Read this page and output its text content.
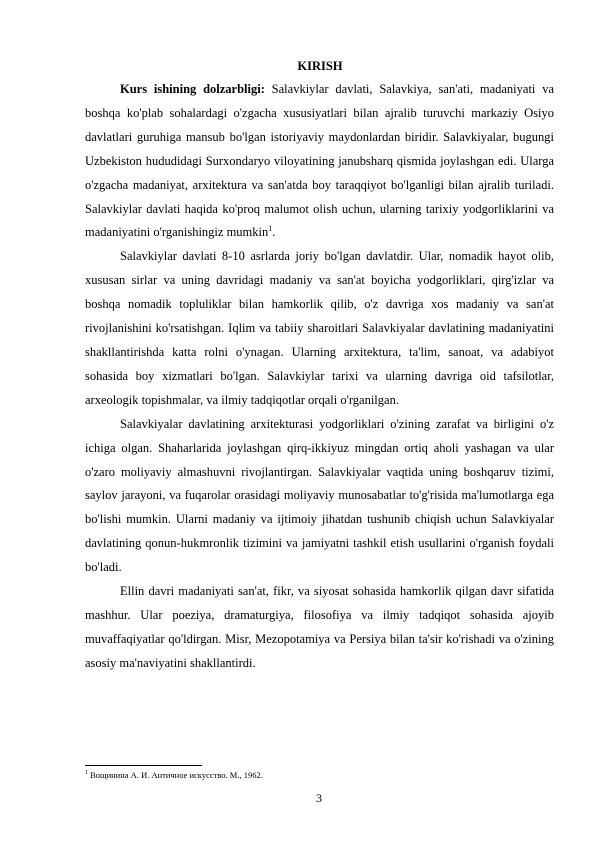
KIRISH

Kurs ishining dolzarbligi: Salavkiylar davlati, Salavkiya, san'ati, madaniyati va boshqa ko'plab sohalardagi o'zgacha xususiyatlari bilan ajralib turuvchi markaziy Osiyo davlatlari guruhiga mansub bo'lgan istoriyaviy maydonlardan biridir. Salavkiyalar, bugungi Uzbekiston hududidagi Surxondaryo viloyatining janubsharq qismida joylashgan edi. Ularga o'zgacha madaniyat, arxitektura va san'atda boy taraqqiyot bo'lganligi bilan ajralib turiladi. Salavkiylar davlati haqida ko'proq malumot olish uchun, ularning tarixiy yodgorliklarini va madaniyatini o'rganishingiz mumkin$^1$.

Salavkiylar davlati 8-10 asrlarda joriy bo'lgan davlatdir. Ular, nomadik hayot olib, xususan sirlar va uning davridagi madaniy va san'at boyicha yodgorliklari, qirg'izlar va boshqa nomadik topluliklar bilan hamkorlik qilib, o'z davriga xos madaniy va san'at rivojlanishini ko'rsatishgan. Iqlim va tabiiy sharoitlari Salavkiyalar davlatining madaniyatini shakllantirishda katta rolni o'ynagan. Ularning arxitektura, ta'lim, sanoat, va adabiyot sohasida boy xizmatlari bo'lgan. Salavkiylar tarixi va ularning davriga oid tafsilotlar, arxeologik topishmalar, va ilmiy tadqiqotlar orqali o'rganilgan.

Salavkiyalar davlatining arxitekturasi yodgorliklari o'zining zarafat va birligini o'z ichiga olgan. Shaharlarida joylashgan qirq-ikkiyuz mingdan ortiq aholi yashagan va ular o'zaro moliyaviy almashuvni rivojlantirgan. Salavkiyalar vaqtida uning boshqaruv tizimi, saylov jarayoni, va fuqarolar orasidagi moliyaviy munosabatlar to'g'risida ma'lumotlarga ega bo'lishi mumkin. Ularni madaniy va ijtimoiy jihatdan tushunib chiqish uchun Salavkiyalar davlatining qonun-hukmronlik tizimini va jamiyatni tashkil etish usullarini o'rganish foydali bo'ladi.

Ellin davri madaniyati san'at, fikr, va siyosat sohasida hamkorlik qilgan davr sifatida mashhur. Ular poeziya, dramaturgiya, filosofiya va ilmiy tadqiqot sohasida ajoyib muvaffaqiyatlar qo'ldirgan. Misr, Mezopotamiya va Persiya bilan ta'sir ko'rishadi va o'zining asosiy ma'naviyatini shakllantirdi.

$^1$ Вощинина А. И. Античное искусство. М., 1962.
3
